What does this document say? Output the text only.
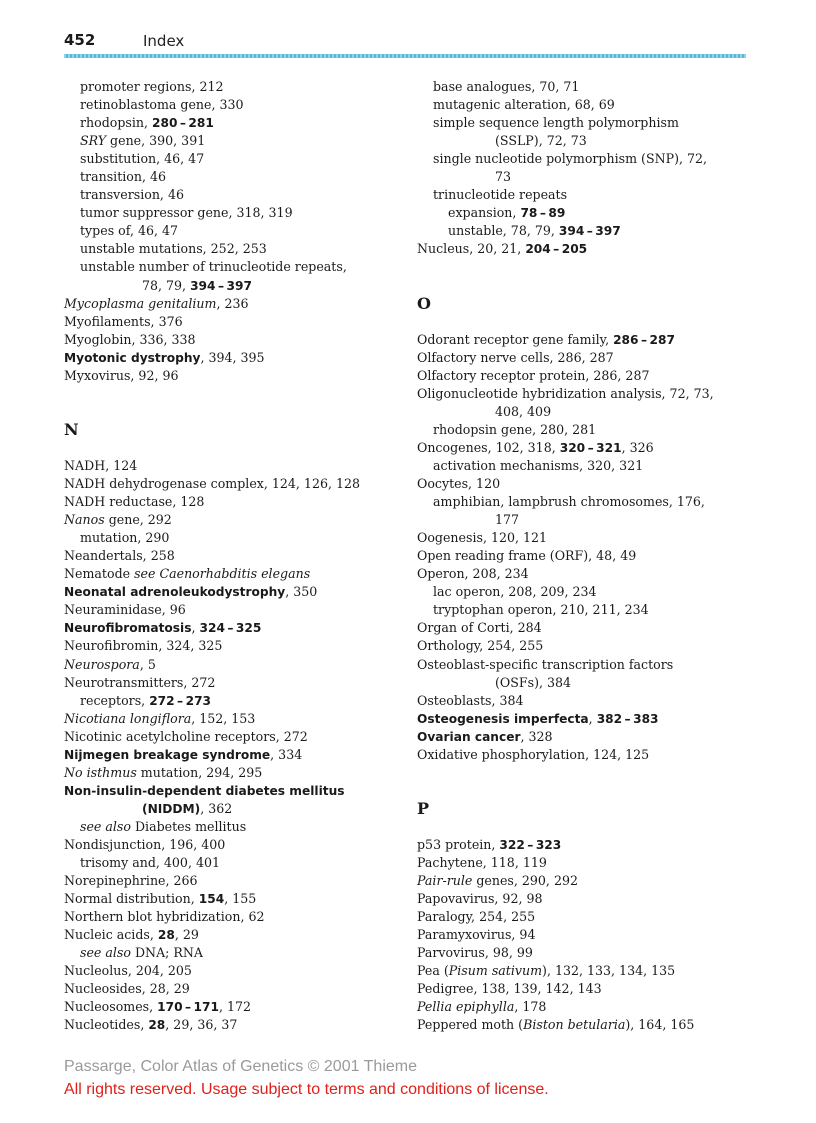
452	Index
promoter regions, 212
retinoblastoma gene, 330
rhodopsin, 280 – 281
SRY gene, 390, 391
substitution, 46, 47
transition, 46
transversion, 46
tumor suppressor gene, 318, 319
types of, 46, 47
unstable mutations, 252, 253
unstable number of trinucleotide repeats,
78, 79, 394 – 397
Mycoplasma genitalium, 236
Myofilaments, 376
Myoglobin, 336, 338
Myotonic dystrophy, 394, 395
Myxovirus, 92, 96

N

NADH, 124
NADH dehydrogenase complex, 124, 126, 128
NADH reductase, 128
Nanos gene, 292
mutation, 290
Neandertals, 258
Nematode see Caenorhabditis elegans
Neonatal adrenoleukodystrophy, 350
Neuraminidase, 96
Neurofibromatosis, 324 – 325
Neurofibromin, 324, 325
Neurospora, 5
Neurotransmitters, 272
receptors, 272 – 273
Nicotiana longiflora, 152, 153
Nicotinic acetylcholine receptors, 272
Nijmegen breakage syndrome, 334
No isthmus mutation, 294, 295
Non-insulin-dependent diabetes mellitus
(NIDDM), 362
see also Diabetes mellitus
Nondisjunction, 196, 400
trisomy and, 400, 401
Norepinephrine, 266
Normal distribution, 154, 155
Northern blot hybridization, 62
Nucleic acids, 28, 29
see also DNA; RNA
Nucleolus, 204, 205
Nucleosides, 28, 29
Nucleosomes, 170 – 171, 172
Nucleotides, 28, 29, 36, 37
base analogues, 70, 71
mutagenic alteration, 68, 69
simple sequence length polymorphism
(SSLP), 72, 73
single nucleotide polymorphism (SNP), 72,
73
trinucleotide repeats
expansion, 78 – 89
unstable, 78, 79, 394 – 397
Nucleus, 20, 21, 204 – 205

O

Odorant receptor gene family, 286 – 287
Olfactory nerve cells, 286, 287
Olfactory receptor protein, 286, 287
Oligonucleotide hybridization analysis, 72, 73,
408, 409
rhodopsin gene, 280, 281
Oncogenes, 102, 318, 320 – 321, 326
activation mechanisms, 320, 321
Oocytes, 120
amphibian, lampbrush chromosomes, 176,
177
Oogenesis, 120, 121
Open reading frame (ORF), 48, 49
Operon, 208, 234
lac operon, 208, 209, 234
tryptophan operon, 210, 211, 234
Organ of Corti, 284
Orthology, 254, 255
Osteoblast-specific transcription factors
(OSFs), 384
Osteoblasts, 384
Osteogenesis imperfecta, 382 – 383
Ovarian cancer, 328
Oxidative phosphorylation, 124, 125

P

p53 protein, 322 – 323
Pachytene, 118, 119
Pair-rule genes, 290, 292
Papovavirus, 92, 98
Paralogy, 254, 255
Paramyxovirus, 94
Parvovirus, 98, 99
Pea (Pisum sativum), 132, 133, 134, 135
Pedigree, 138, 139, 142, 143
Pellia epiphylla, 178
Peppered moth (Biston betularia), 164, 165
Passarge, Color Atlas of Genetics © 2001 Thieme
All rights reserved. Usage subject to terms and conditions of license.
